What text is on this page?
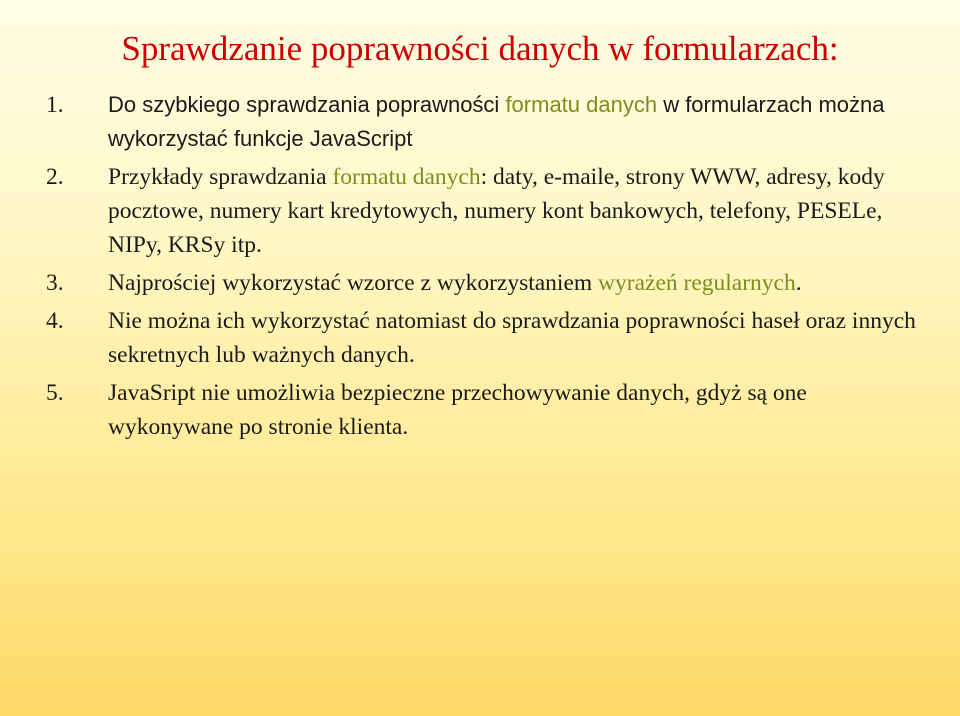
Sprawdzanie poprawności danych w formularzach:
1. Do szybkiego sprawdzania poprawności formatu danych w formularzach można wykorzystać funkcje JavaScript
2. Przykłady sprawdzania formatu danych: daty, e-maile, strony WWW, adresy, kody pocztowe, numery kart kredytowych, numery kont bankowych, telefony, PESELe, NIPy, KRSy itp.
3. Najprościej wykorzystać wzorce z wykorzystaniem wyrażeń regularnych.
4. Nie można ich wykorzystać natomiast do sprawdzania poprawności haseł oraz innych sekretnych lub ważnych danych.
5. JavaSript nie umożliwia bezpieczne przechowywanie danych, gdyż są one wykonywane po stronie klienta.
